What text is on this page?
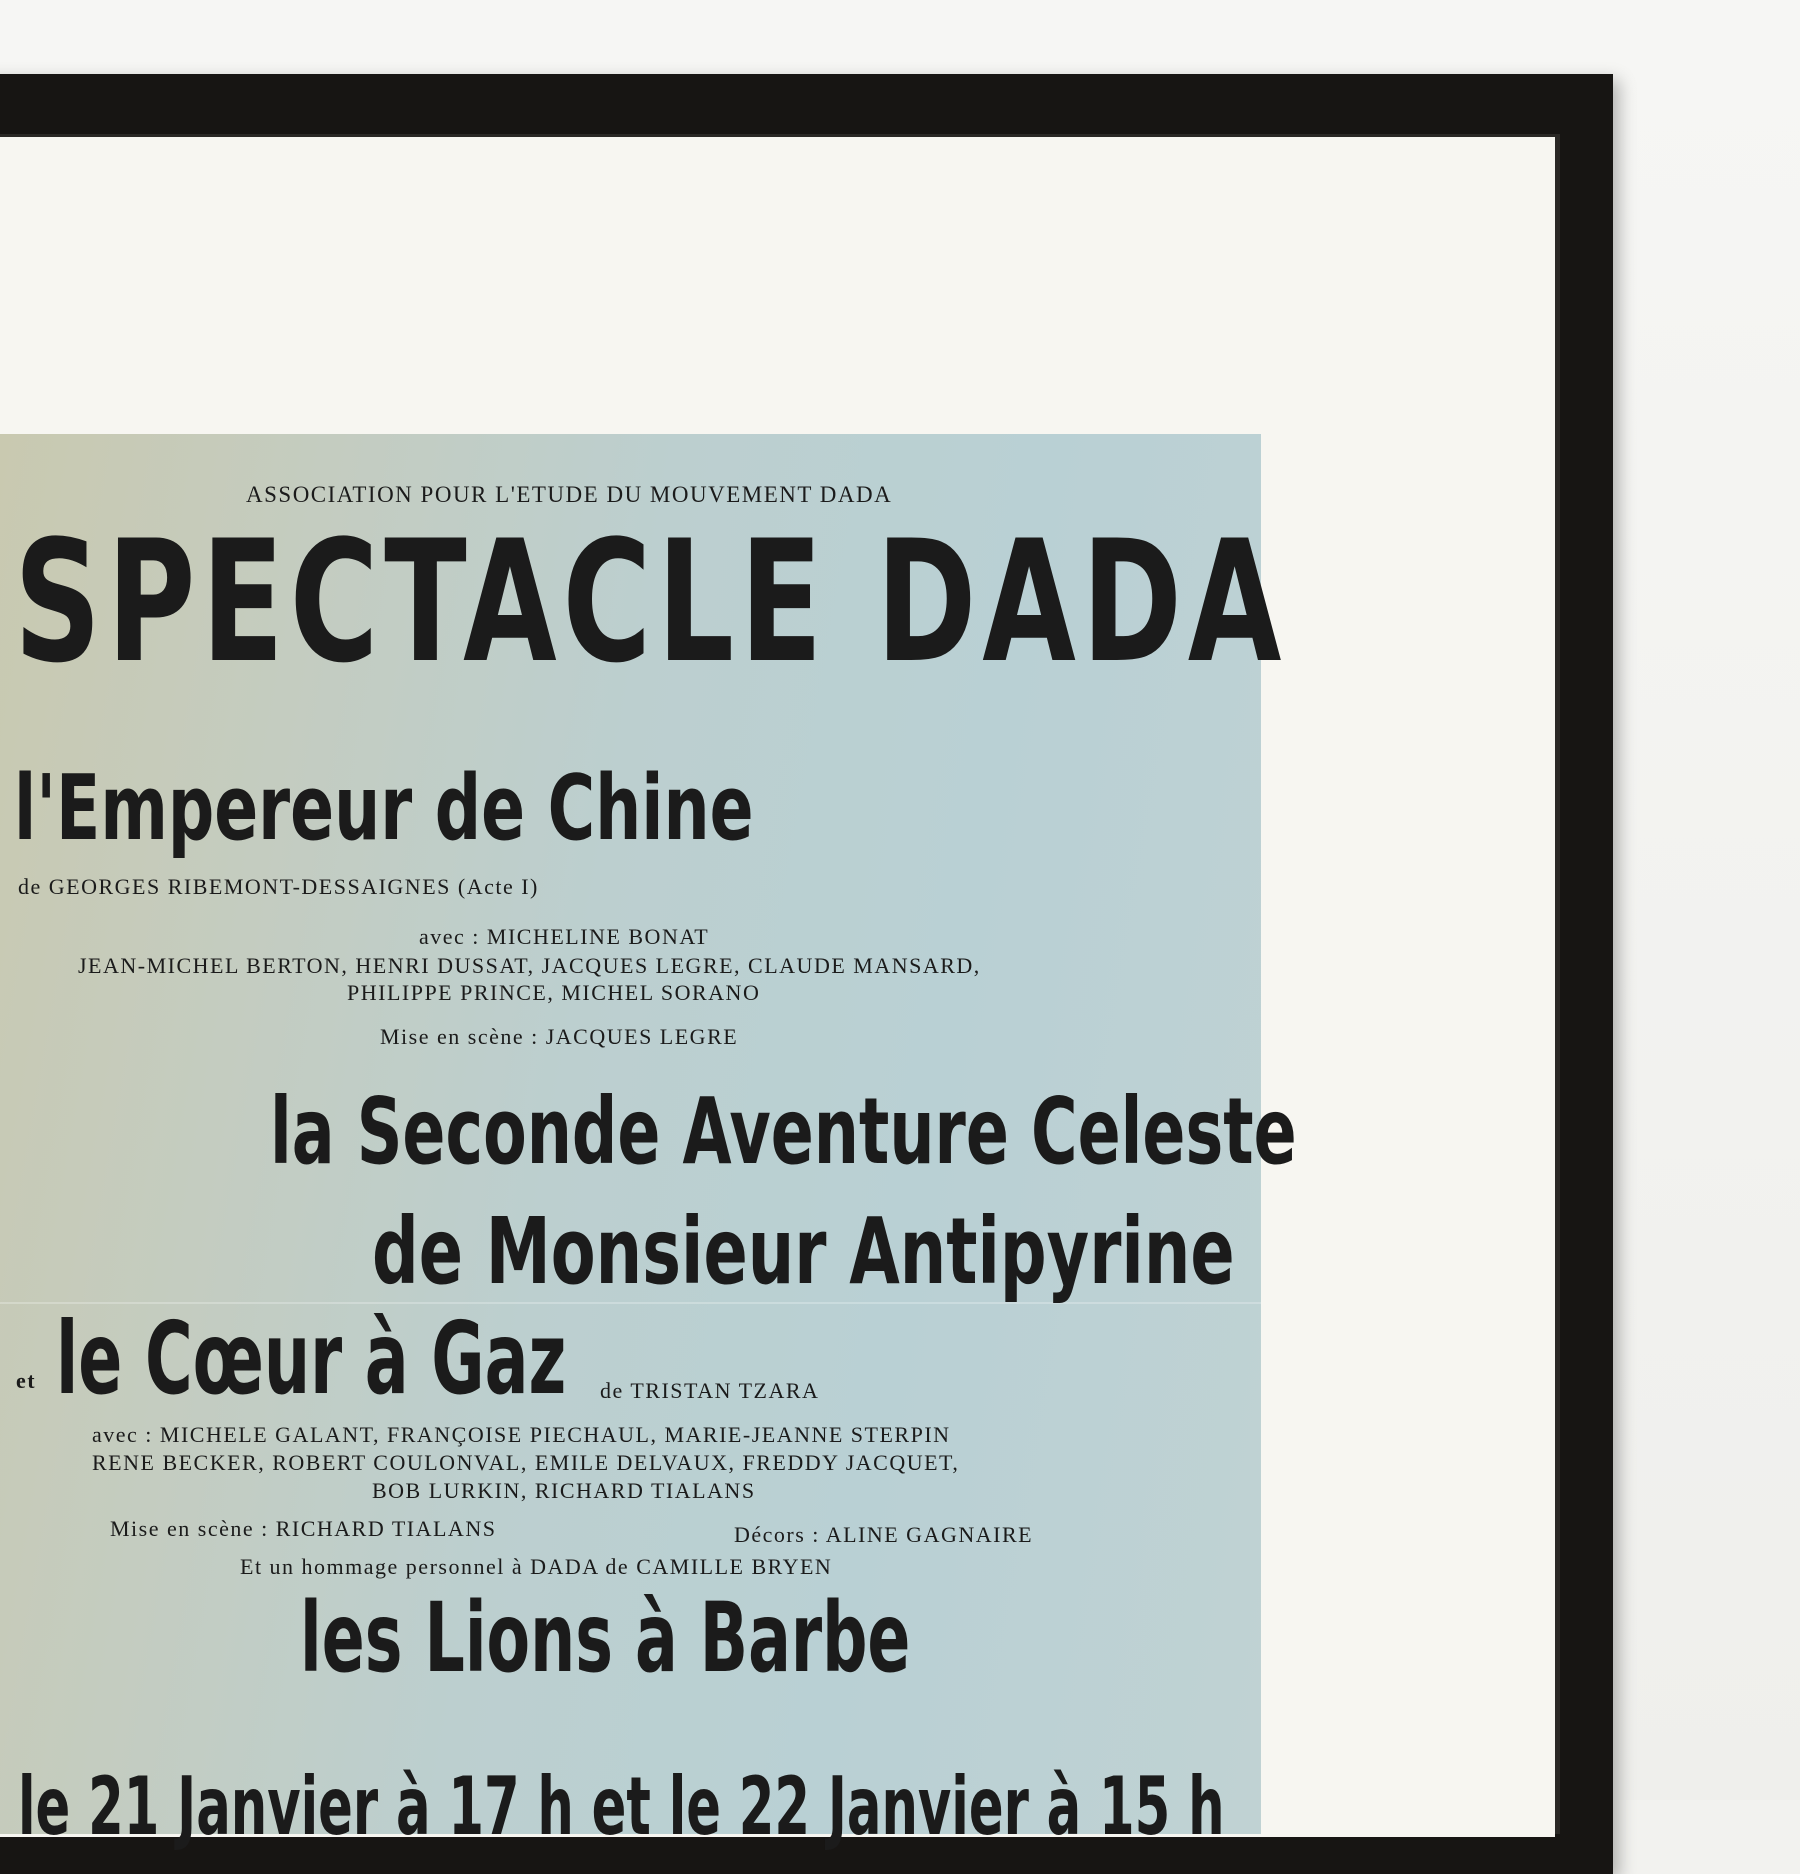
ASSOCIATION POUR L'ETUDE DU MOUVEMENT DADA
SPECTACLE DADA
l'Empereur de Chine
de GEORGES RIBEMONT-DESSAIGNES (Acte I)
avec : MICHELINE BONAT
JEAN-MICHEL BERTON, HENRI DUSSAT, JACQUES LEGRE, CLAUDE MANSARD,
PHILIPPE PRINCE, MICHEL SORANO
Mise en scène : JACQUES LEGRE
la Seconde Aventure Celeste
de Monsieur Antipyrine
et le Cœur à Gaz de TRISTAN TZARA
avec : MICHELE GALANT, FRANÇOISE PIECHAUL, MARIE-JEANNE STERPIN
RENE BECKER, ROBERT COULONVAL, EMILE DELVAUX, FREDDY JACQUET,
BOB LURKIN, RICHARD TIALANS
Mise en scène : RICHARD TIALANS	Décors : ALINE GAGNAIRE
Et un hommage personnel à DADA de CAMILLE BRYEN
les Lions à Barbe
le 21 Janvier à 17 h et le 22 Janvier à 15 h
